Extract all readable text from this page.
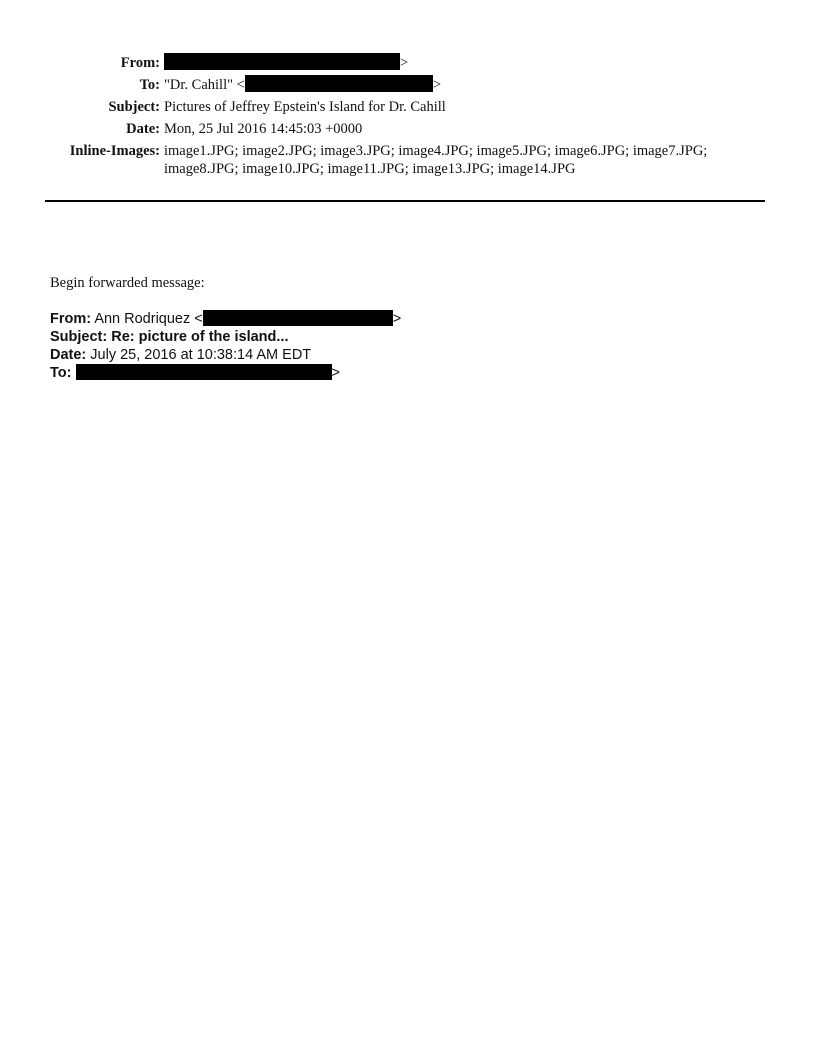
From:	>
To: "Dr. Cahill" <	>
Subject: Pictures of Jeffrey Epstein's Island for Dr. Cahill
Date: Mon, 25 Jul 2016 14:45:03 +0000
Inline-Images: image1.JPG; image2.JPG; image3.JPG; image4.JPG; image5.JPG; image6.JPG; image7.JPG; image8.JPG; image10.JPG; image11.JPG; image13.JPG; image14.JPG
Begin forwarded message:
From: Ann Rodriquez <	>
Subject: Re: picture of the island...
Date: July 25, 2016 at 10:38:14 AM EDT
To:	>
